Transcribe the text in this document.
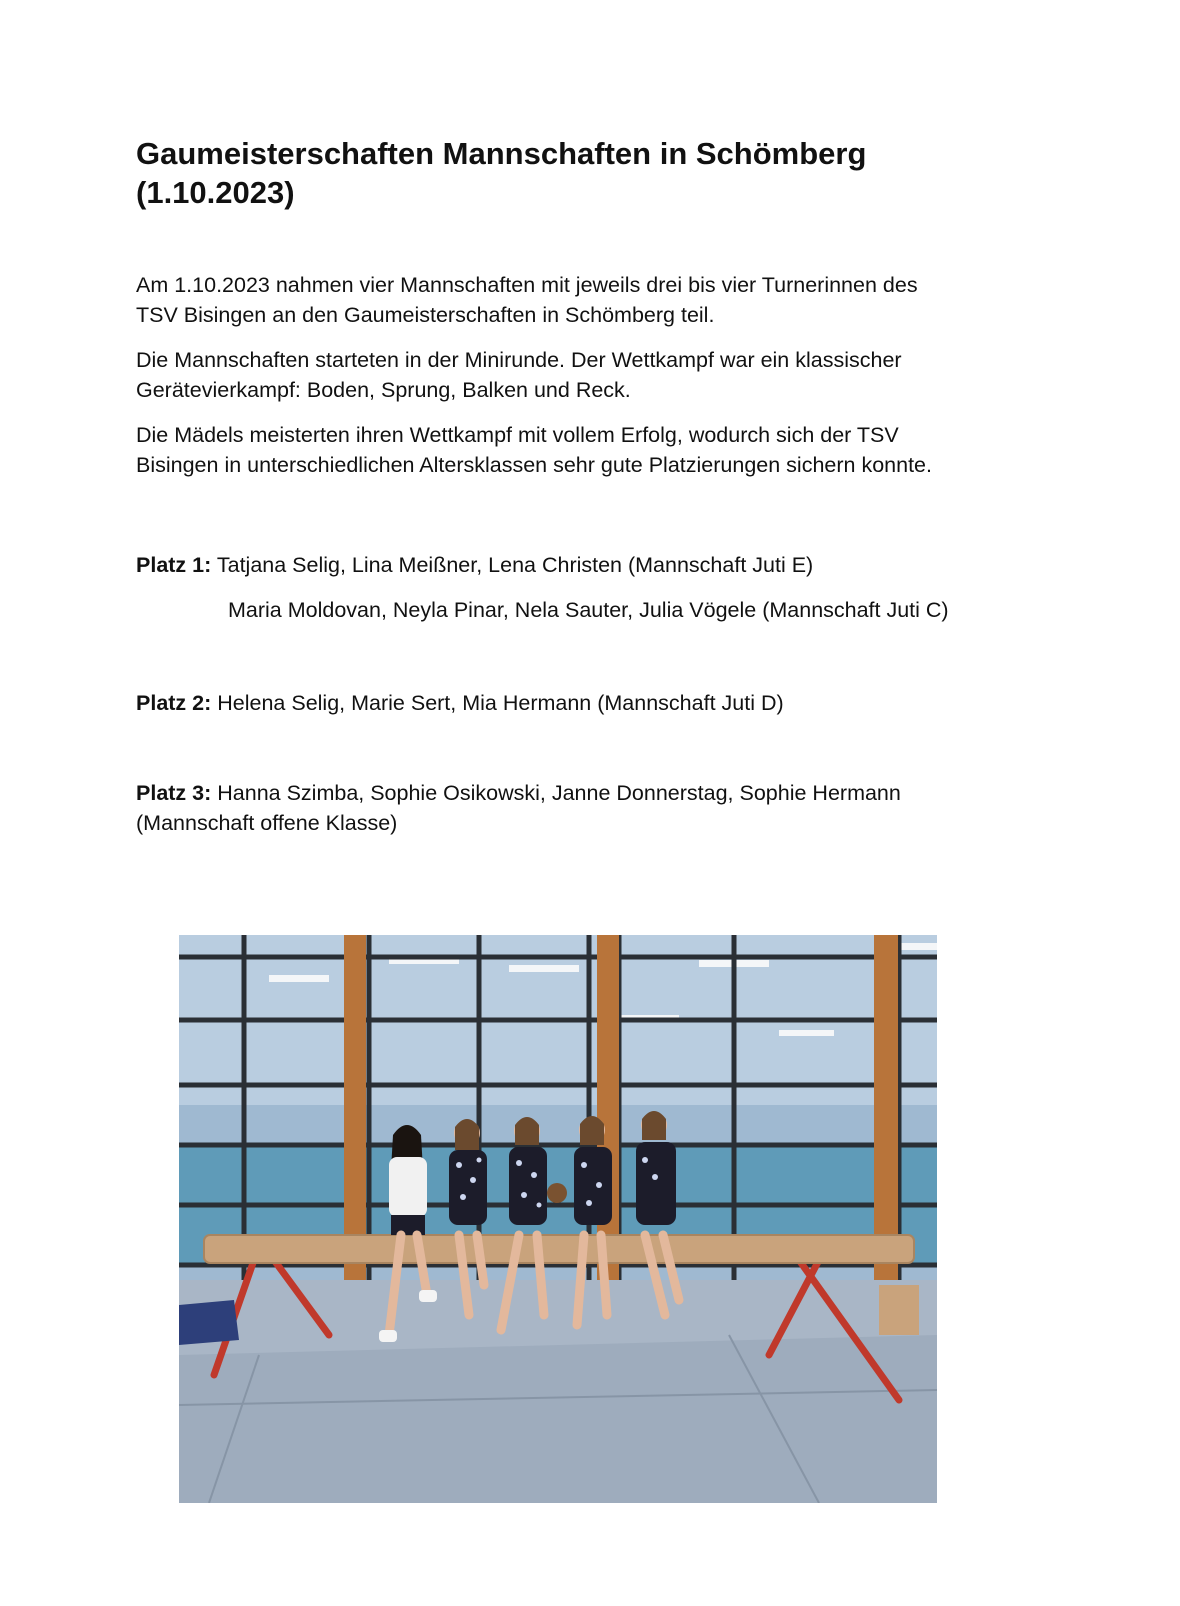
Gaumeisterschaften Mannschaften in Schömberg
(1.10.2023)

Am 1.10.2023 nahmen vier Mannschaften mit jeweils drei bis vier Turnerinnen des
TSV Bisingen an den Gaumeisterschaften in Schömberg teil.

Die Mannschaften starteten in der Minirunde. Der Wettkampf war ein klassischer
Gerätevierkampf: Boden, Sprung, Balken und Reck.

Die Mädels meisterten ihren Wettkampf mit vollem Erfolg, wodurch sich der TSV
Bisingen in unterschiedlichen Altersklassen sehr gute Platzierungen sichern konnte.

Platz 1: Tatjana Selig, Lina Meißner, Lena Christen (Mannschaft Juti E)

Maria Moldovan, Neyla Pinar, Nela Sauter, Julia Vögele (Mannschaft Juti C)

Platz 2: Helena Selig, Marie Sert, Mia Hermann (Mannschaft Juti D)

Platz 3: Hanna Szimba, Sophie Osikowski, Janne Donnerstag, Sophie Hermann
(Mannschaft offene Klasse)
